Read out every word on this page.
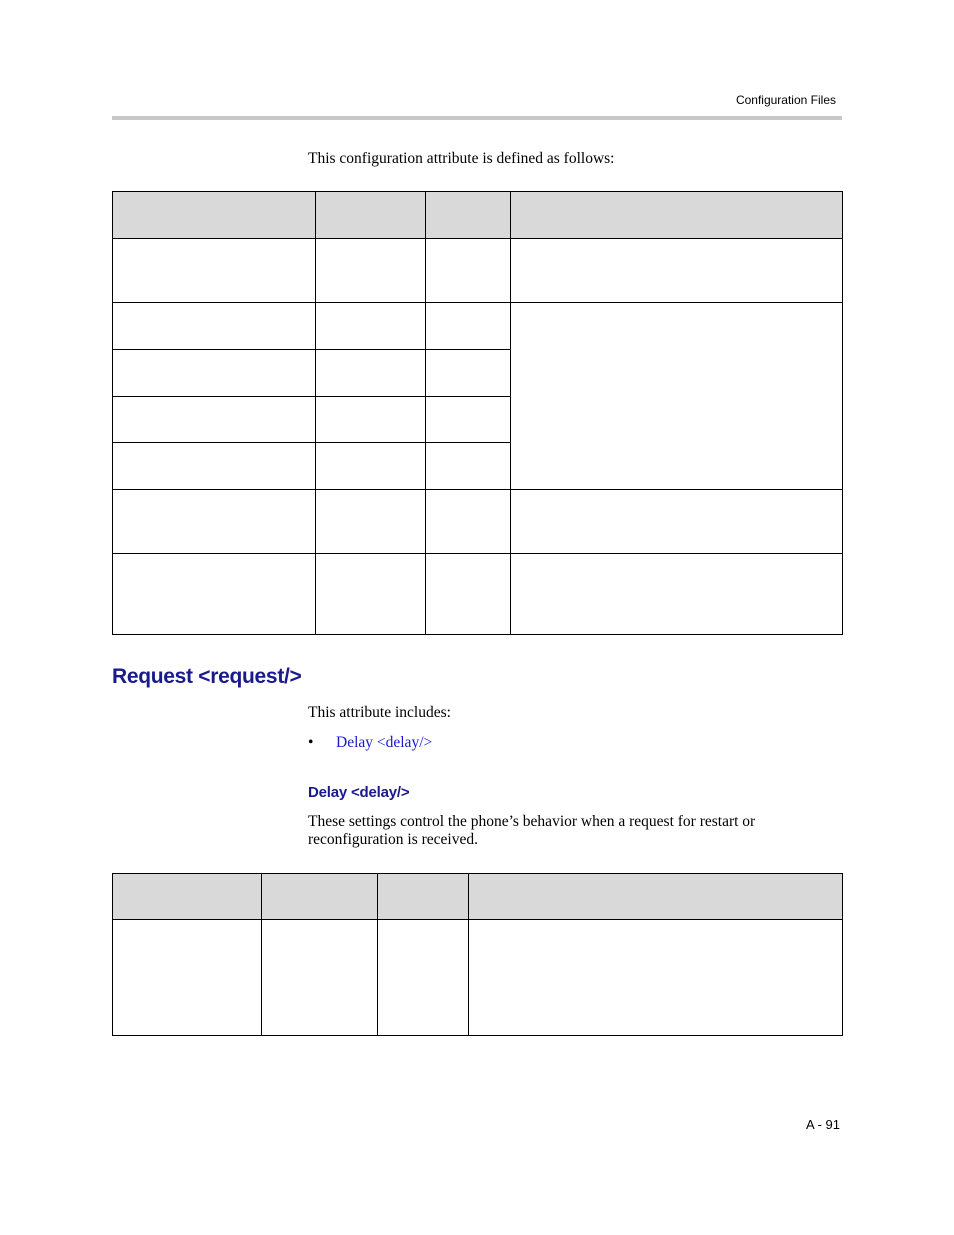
Configuration Files
This configuration attribute is defined as follows:

Request <request/>
This attribute includes:
• Delay <delay/>
Delay <delay/>
These settings control the phone’s behavior when a request for restart or reconfiguration is received.

A - 91
